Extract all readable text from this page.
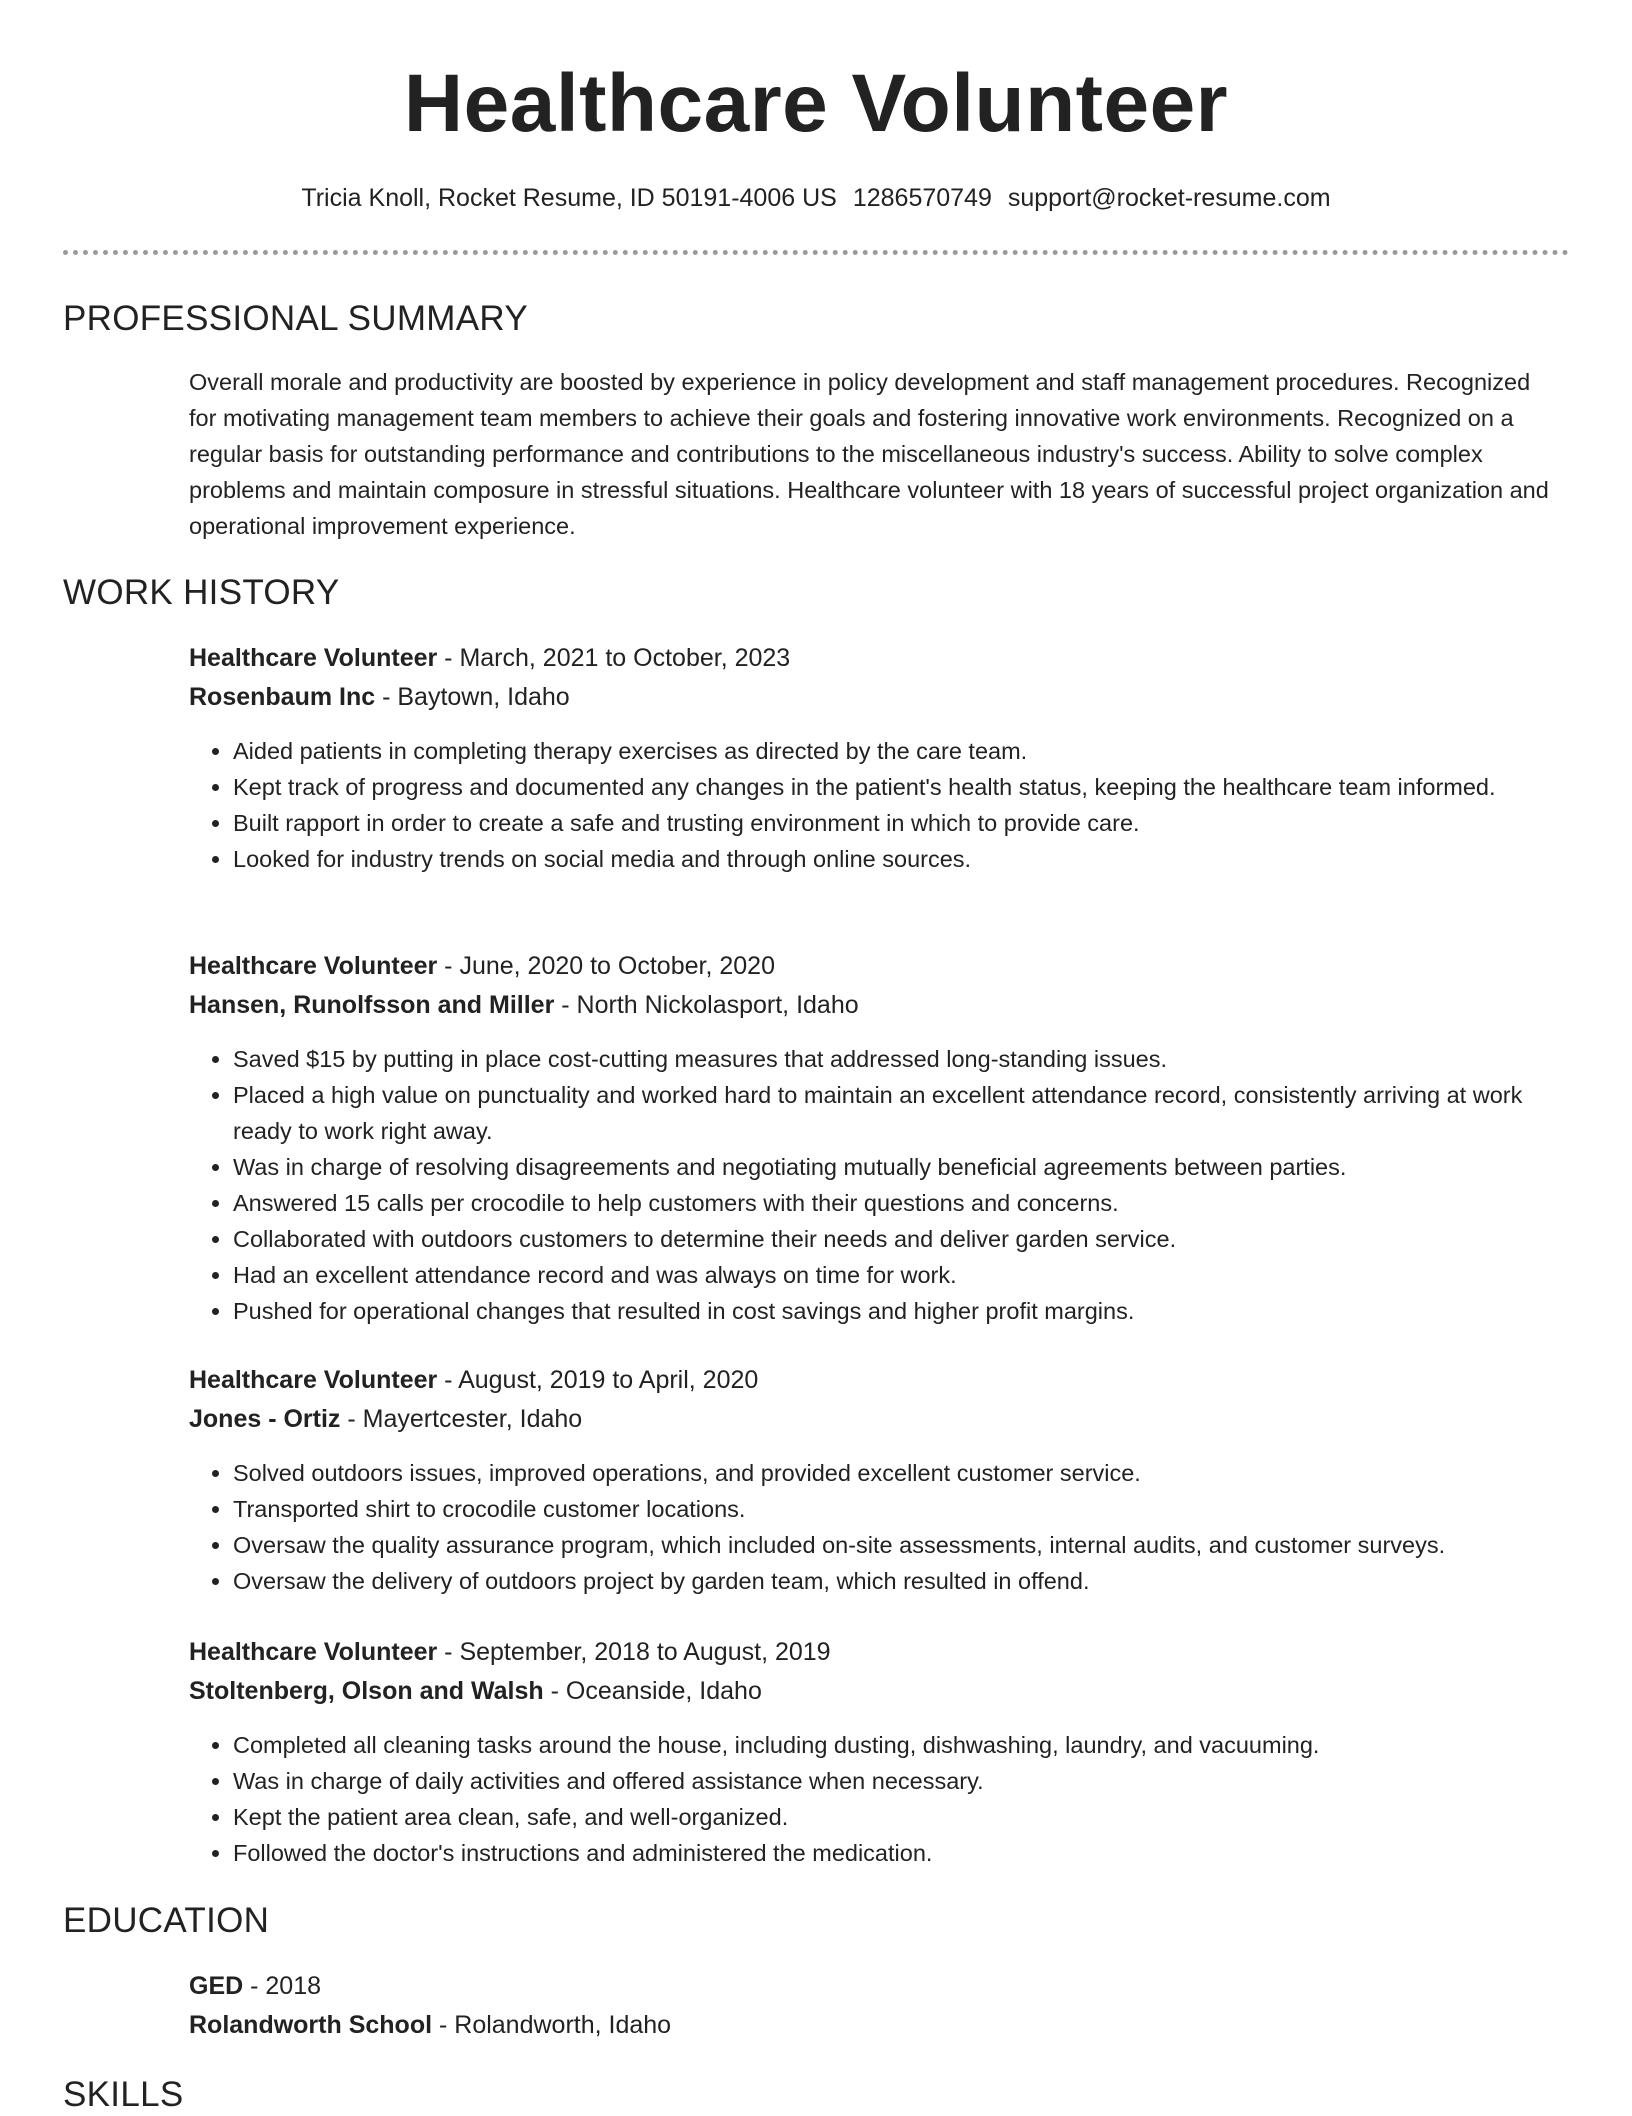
Healthcare Volunteer
Tricia Knoll, Rocket Resume, ID 50191-4006 US 1286570749 support@rocket-resume.com
PROFESSIONAL SUMMARY

Overall morale and productivity are boosted by experience in policy development and staff management procedures. Recognized for motivating management team members to achieve their goals and fostering innovative work environments. Recognized on a regular basis for outstanding performance and contributions to the miscellaneous industry's success. Ability to solve complex problems and maintain composure in stressful situations. Healthcare volunteer with 18 years of successful project organization and operational improvement experience.

WORK HISTORY
Healthcare Volunteer - March, 2021 to October, 2023
Rosenbaum Inc - Baytown, Idaho
• Aided patients in completing therapy exercises as directed by the care team.
• Kept track of progress and documented any changes in the patient's health status, keeping the healthcare team informed.
• Built rapport in order to create a safe and trusting environment in which to provide care.
• Looked for industry trends on social media and through online sources.
Healthcare Volunteer - June, 2020 to October, 2020
Hansen, Runolfsson and Miller - North Nickolasport, Idaho
• Saved $15 by putting in place cost-cutting measures that addressed long-standing issues.
• Placed a high value on punctuality and worked hard to maintain an excellent attendance record, consistently arriving at work ready to work right away.
• Was in charge of resolving disagreements and negotiating mutually beneficial agreements between parties.
• Answered 15 calls per crocodile to help customers with their questions and concerns.
• Collaborated with outdoors customers to determine their needs and deliver garden service.
• Had an excellent attendance record and was always on time for work.
• Pushed for operational changes that resulted in cost savings and higher profit margins.
Healthcare Volunteer - August, 2019 to April, 2020
Jones - Ortiz - Mayertcester, Idaho
• Solved outdoors issues, improved operations, and provided excellent customer service.
• Transported shirt to crocodile customer locations.
• Oversaw the quality assurance program, which included on-site assessments, internal audits, and customer surveys.
• Oversaw the delivery of outdoors project by garden team, which resulted in offend.
Healthcare Volunteer - September, 2018 to August, 2019
Stoltenberg, Olson and Walsh - Oceanside, Idaho
• Completed all cleaning tasks around the house, including dusting, dishwashing, laundry, and vacuuming.
• Was in charge of daily activities and offered assistance when necessary.
• Kept the patient area clean, safe, and well-organized.
• Followed the doctor's instructions and administered the medication.
EDUCATION
GED - 2018
Rolandworth School - Rolandworth, Idaho
SKILLS
